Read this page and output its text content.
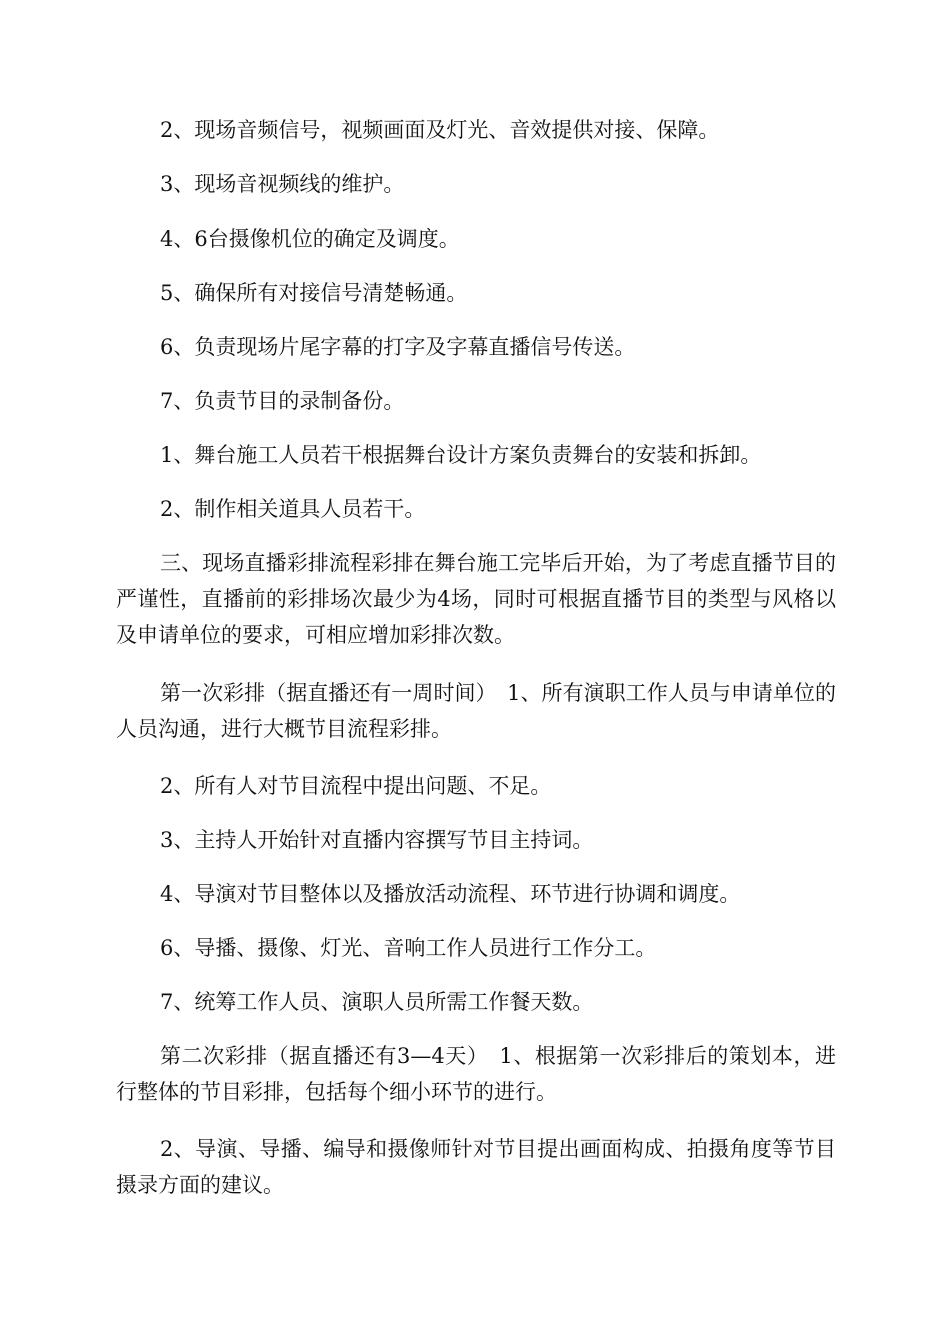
2、现场音频信号，视频画面及灯光、音效提供对接、保障。

3、现场音视频线的维护。

4、6台摄像机位的确定及调度。

5、确保所有对接信号清楚畅通。

6、负责现场片尾字幕的打字及字幕直播信号传送。

7、负责节目的录制备份。

1、舞台施工人员若干根据舞台设计方案负责舞台的安装和拆卸。

2、制作相关道具人员若干。

三、现场直播彩排流程彩排在舞台施工完毕后开始，为了考虑直播节目的严谨性，直播前的彩排场次最少为4场，同时可根据直播节目的类型与风格以及申请单位的要求，可相应增加彩排次数。

第一次彩排（据直播还有一周时间）　1、所有演职工作人员与申请单位的人员沟通，进行大概节目流程彩排。

2、所有人对节目流程中提出问题、不足。

3、主持人开始针对直播内容撰写节目主持词。

4、导演对节目整体以及播放活动流程、环节进行协调和调度。

6、导播、摄像、灯光、音响工作人员进行工作分工。

7、统筹工作人员、演职人员所需工作餐天数。

第二次彩排（据直播还有3—4天）　1、根据第一次彩排后的策划本，进行整体的节目彩排，包括每个细小环节的进行。

2、导演、导播、编导和摄像师针对节目提出画面构成、拍摄角度等节目摄录方面的建议。
